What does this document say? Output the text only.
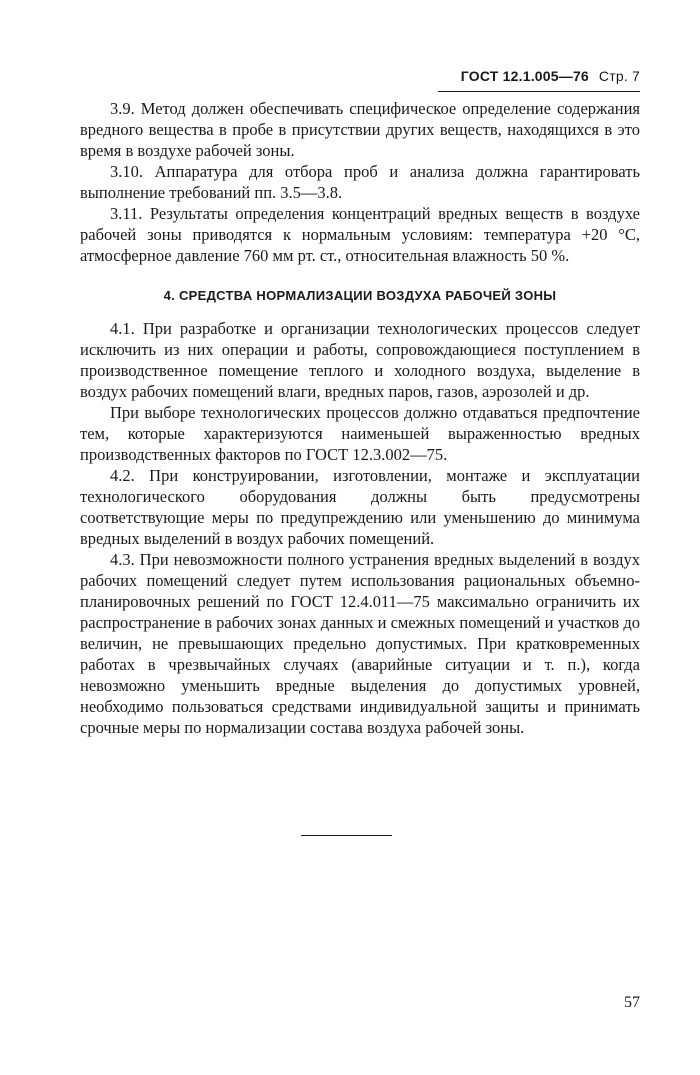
ГОСТ 12.1.005—76 Стр. 7

3.9. Метод должен обеспечивать специфическое определение содержания вредного вещества в пробе в присутствии других веществ, находящихся в это время в воздухе рабочей зоны.

3.10. Аппаратура для отбора проб и анализа должна гарантировать выполнение требований пп. 3.5—3.8.

3.11. Результаты определения концентраций вредных веществ в воздухе рабочей зоны приводятся к нормальным условиям: температура +20 °С, атмосферное давление 760 мм рт. ст., относительная влажность 50 %.

4. СРЕДСТВА НОРМАЛИЗАЦИИ ВОЗДУХА РАБОЧЕЙ ЗОНЫ

4.1. При разработке и организации технологических процессов следует исключить из них операции и работы, сопровождающиеся поступлением в производственное помещение теплого и холодного воздуха, выделение в воздух рабочих помещений влаги, вредных паров, газов, аэрозолей и др.

При выборе технологических процессов должно отдаваться предпочтение тем, которые характеризуются наименьшей выраженностью вредных производственных факторов по ГОСТ 12.3.002—75.

4.2. При конструировании, изготовлении, монтаже и эксплуатации технологического оборудования должны быть предусмотрены соответствующие меры по предупреждению или уменьшению до минимума вредных выделений в воздух рабочих помещений.

4.3. При невозможности полного устранения вредных выделений в воздух рабочих помещений следует путем использования рациональных объемно-планировочных решений по ГОСТ 12.4.011—75 максимально ограничить их распространение в рабочих зонах данных и смежных помещений и участков до величин, не превышающих предельно допустимых. При кратковременных работах в чрезвычайных случаях (аварийные ситуации и т. п.), когда невозможно уменьшить вредные выделения до допустимых уровней, необходимо пользоваться средствами индивидуальной защиты и принимать срочные меры по нормализации состава воздуха рабочей зоны.

57
